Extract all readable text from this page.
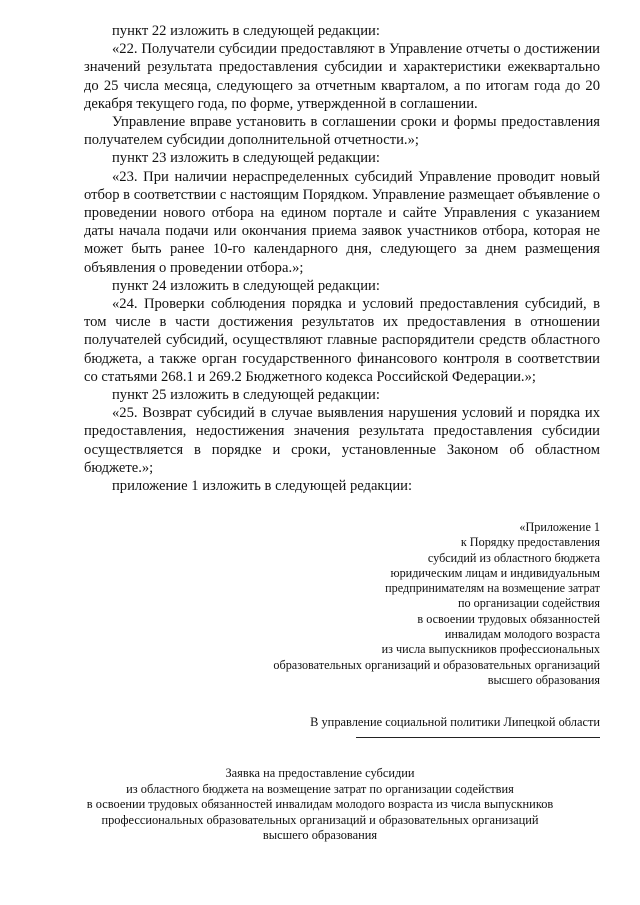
пункт 22 изложить в следующей редакции:

«22. Получатели субсидии предоставляют в Управление отчеты о достижении значений результата предоставления субсидии и характеристики ежеквартально до 25 числа месяца, следующего за отчетным кварталом, а по итогам года до 20 декабря текущего года, по форме, утвержденной в соглашении.

Управление вправе установить в соглашении сроки и формы предоставления получателем субсидии дополнительной отчетности.»;

пункт 23 изложить в следующей редакции:

«23. При наличии нераспределенных субсидий Управление проводит новый отбор в соответствии с настоящим Порядком. Управление размещает объявление о проведении нового отбора на едином портале и сайте Управления с указанием даты начала подачи или окончания приема заявок участников отбора, которая не может быть ранее 10-го календарного дня, следующего за днем размещения объявления о проведении отбора.»;

пункт 24 изложить в следующей редакции:

«24. Проверки соблюдения порядка и условий предоставления субсидий, в том числе в части достижения результатов их предоставления в отношении получателей субсидий, осуществляют главные распорядители средств областного бюджета, а также орган государственного финансового контроля в соответствии со статьями 268.1 и 269.2 Бюджетного кодекса Российской Федерации.»;

пункт 25 изложить в следующей редакции:

«25. Возврат субсидий в случае выявления нарушения условий и порядка их предоставления, недостижения значения результата предоставления субсидии осуществляется в порядке и сроки, установленные Законом об областном бюджете.»;

приложение 1 изложить в следующей редакции:

«Приложение 1
к Порядку предоставления
субсидий из областного бюджета
юридическим лицам и индивидуальным
предпринимателям на возмещение затрат
по организации содействия
в освоении трудовых обязанностей
инвалидам молодого возраста
из числа выпускников профессиональных
образовательных организаций и образовательных организаций
высшего образования
В управление социальной политики Липецкой области
Заявка на предоставление субсидии
из областного бюджета на возмещение затрат по организации содействия
в освоении трудовых обязанностей инвалидам молодого возраста из числа выпускников
профессиональных образовательных организаций и образовательных организаций
высшего образования
